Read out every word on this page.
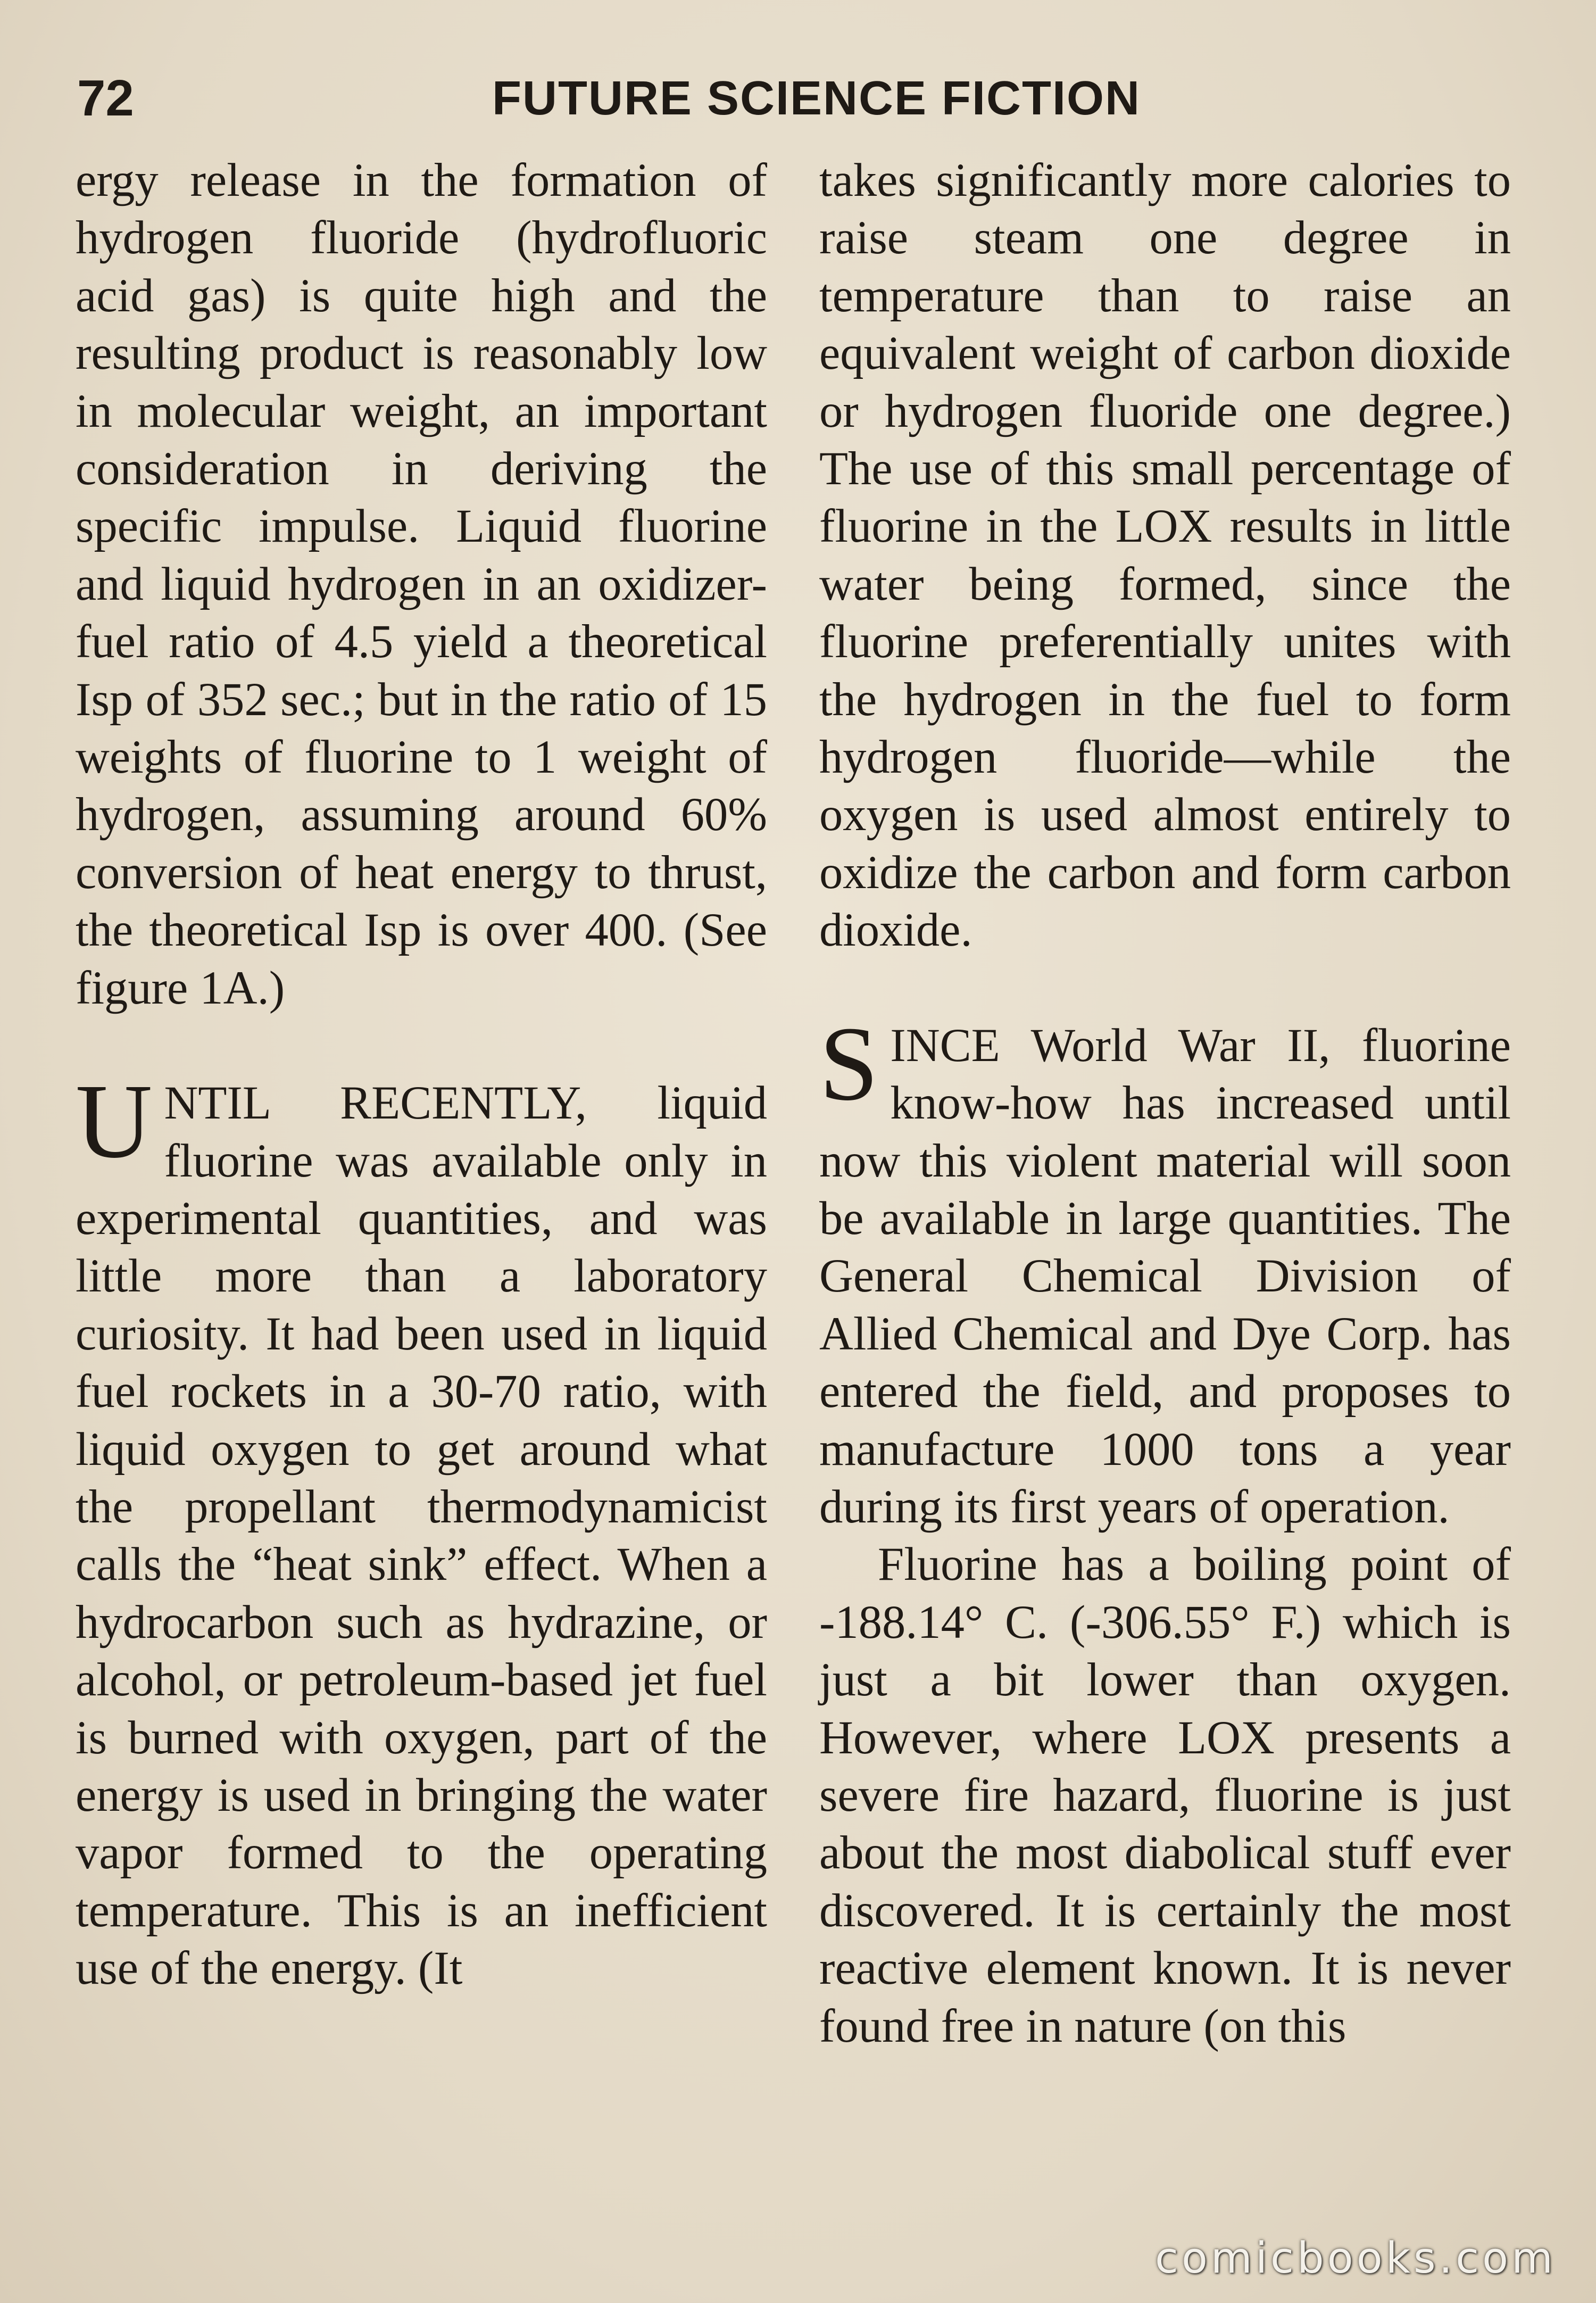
72	FUTURE SCIENCE FICTION

ergy release in the formation of hydrogen fluoride (hydrofluoric acid gas) is quite high and the resulting product is reasonably low in molecular weight, an important consideration in deriving the specific impulse. Liquid fluorine and liquid hydrogen in an oxidizer-fuel ratio of 4.5 yield a theoretical Isp of 352 sec.; but in the ratio of 15 weights of fluorine to 1 weight of hydrogen, assuming around 60% conversion of heat energy to thrust, the theoretical Isp is over 400. (See figure 1A.)

UNTIL RECENTLY, liquid fluorine was available only in experimental quantities, and was little more than a laboratory curiosity. It had been used in liquid fuel rockets in a 30-70 ratio, with liquid oxygen to get around what the propellant thermodynamicist calls the “heat sink” effect. When a hydrocarbon such as hydrazine, or alcohol, or petroleum-based jet fuel is burned with oxygen, part of the energy is used in bringing the water vapor formed to the operating temperature. This is an inefficient use of the energy. (It

takes significantly more calories to raise steam one degree in temperature than to raise an equivalent weight of carbon dioxide or hydrogen fluoride one degree.) The use of this small percentage of fluorine in the LOX results in little water being formed, since the fluorine preferentially unites with the hydrogen in the fuel to form hydrogen fluoride—while the oxygen is used almost entirely to oxidize the carbon and form carbon dioxide.

SINCE World War II, fluorine know-how has increased until now this violent material will soon be available in large quantities. The General Chemical Division of Allied Chemical and Dye Corp. has entered the field, and proposes to manufacture 1000 tons a year during its first years of operation.

Fluorine has a boiling point of -188.14° C. (-306.55° F.) which is just a bit lower than oxygen. However, where LOX presents a severe fire hazard, fluorine is just about the most diabolical stuff ever discovered. It is certainly the most reactive element known. It is never found free in nature (on this

comicbooks.com
